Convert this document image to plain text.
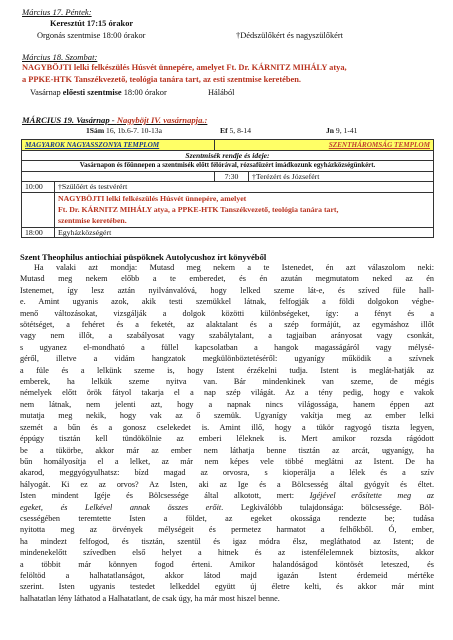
Március 17. Péntek:
Keresztút 17:15 órakor
Orgonás szentmise 18:00 órakor	†Dédszülőkért és nagyszülőkért
Március 18. Szombat:
NAGYBÖJTI lelki felkészülés Húsvét ünnepére, amelyet Ft. Dr. KÁRNITZ MIHÁLY atya,
a PPKE-HTK Tanszékvezető, teológia tanára tart, az esti szentmise keretében.
Vasárnap előesti szentmise 18:00 órakor	Hálából
MÁRCIUS 19. Vasárnap - Nagyböjt IV. vasárnapja.:
1Sám 16, 1b.6-7. 10-13a	Ef 5, 8-14	Jn 9, 1-41
MAGYAROK NAGYASSZONYA TEMPLOM		SZENTHÁROMSÁG TEMPLOM	
Szentmisék rendje és ideje:			
Vasárnapon és főünnepen a szentmisék előtt félórával, rózsafüzért imádkozunk egyházközségünkért.			
		7:30	†Terézért és Józsefért
10:00	†Szülőért és testvérért		

	NAGYBÖJTI lelki felkészülés Húsvét ünnepére, amelyet
Ft. Dr. KÁRNITZ MIHÁLY atya, a PPKE-HTK Tanszékvezető, teológia tanára tart,
szentmise keretében.		

18:00	Egyházközségért		
Szent Theophilus antiochiai püspöknek Autolycushoz írt könyvéből
Ha valaki azt mondja: Mutasd meg nekem a te Istenedet, én azt válaszolom neki:
Mutasd meg nekem előbb a te emberedet, és én azután megmutatom neked az én
Istenemet, így lesz aztán nyilvánvalóvá, hogy lelked szeme lát-e, és szíved füle hall-
e. Amint ugyanis azok, akik testi szemükkel látnak, felfogják a földi dolgokon végbe-
menő változásokat, vizsgálják a dolgok közötti különbségeket, így: a fényt és a
sötétséget, a fehéret és a feketét, az alaktalant és a szép formájút, az egymáshoz illőt
vagy nem illőt, a szabályosat vagy szabálytalant, a tagjaiban arányosat vagy csonkát,
s ugyanez el-mondható a füllel kapcsolatban a hangok magasságáról vagy mélysé-
géről, illetve a vidám hangzatok megkülönböztetéséről: ugyanígy működik a szívnek
a füle és a lelkünk szeme is, hogy Istent érzékelni tudja. Istent is meglát-hatják az
emberek, ha lelkük szeme nyitva van. Bár mindenkinek van szeme, de mégis
némelyek előtt örök fátyol takarja el a nap szép világát. Az a tény pedig, hogy e vakok
nem látnak, nem jelenti azt, hogy a napnak nincs világossága, hanem éppen azt
mutatja meg nekik, hogy vak az ő szemük. Ugyanígy vakítja meg az ember lelki
szemét a bűn és a gonosz cselekedet is. Amint illő, hogy a tükör ragyogó tiszta legyen,
éppúgy tisztán kell tündökölnie az emberi léleknek is. Mert amikor rozsda rágódott
be a tükörbe, akkor már az ember nem láthatja benne tisztán az arcát, ugyanígy, ha
bűn homályosítja el a lelket, az már nem képes vele többé meglátni az Istent. De ha
akarod, meggyógyulhatsz: bízd magad az orvosra, s kioperálja a lélek és a szív
hályogát. Ki ez az orvos? Az Isten, aki az Ige és a Bölcsesség által gyógyít és éltet.
Isten mindent Igéje és Bölcsessége által alkotott, mert: Igéjével erősítette meg az
egeket, és Lelkével annak összes erőit. Legkiválóbb tulajdonsága: bölcsessége. Böl-
csességében teremtette Isten a földet, az egeket okossága rendezte be; tudása
nyitotta meg az örvények mélységeit és permetez harmatot a felhőkből. Ó, ember,
ha mindezt felfogod, és tisztán, szentül és igaz módra élsz, megláthatod az Istent; de
mindenekelőtt szívedben első helyet a hitnek és az istenfélelemnek biztosíts, akkor
a többit már könnyen fogod érteni. Amikor halandóságod köntösét leteszed, és
felöltöd a halhatatlanságot, akkor látod majd igazán Istent érdemeid mértéke
szerint. Isten ugyanis testedet lelkeddel együtt új életre kelti, és akkor már mint
halhatatlan lény láthatod a Halhatatlant, de csak úgy, ha már most hiszel benne.
